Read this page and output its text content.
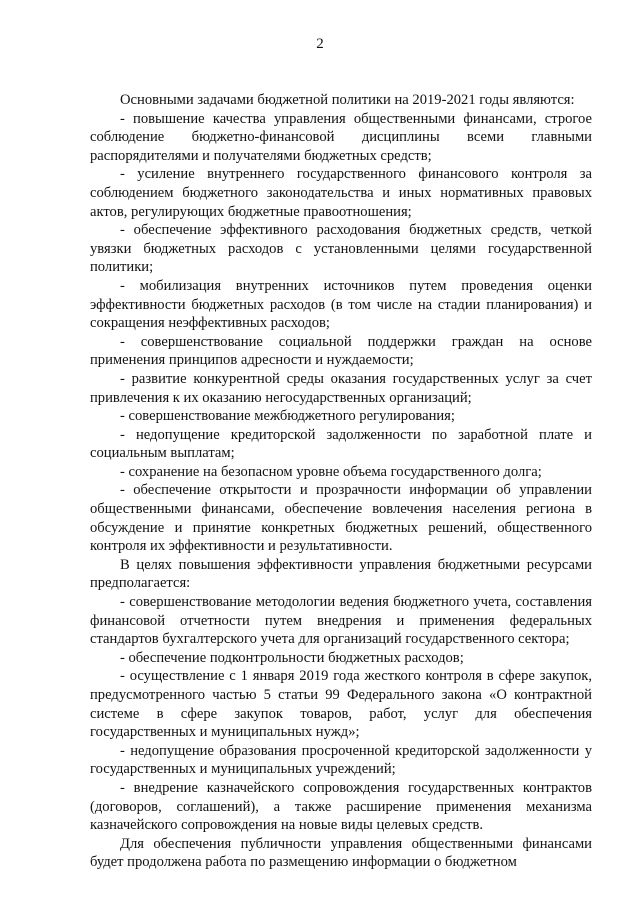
2

Основными задачами бюджетной политики на 2019-2021 годы являются:

- повышение качества управления общественными финансами, строгое соблюдение бюджетно-финансовой дисциплины всеми главными распорядителями и получателями бюджетных средств;

- усиление внутреннего государственного финансового контроля за соблюдением бюджетного законодательства и иных нормативных правовых актов, регулирующих бюджетные правоотношения;

- обеспечение эффективного расходования бюджетных средств, четкой увязки бюджетных расходов с установленными целями государственной политики;

- мобилизация внутренних источников путем проведения оценки эффективности бюджетных расходов (в том числе на стадии планирования) и сокращения неэффективных расходов;

- совершенствование социальной поддержки граждан на основе применения принципов адресности и нуждаемости;

- развитие конкурентной среды оказания государственных услуг за счет привлечения к их оказанию негосударственных организаций;

- совершенствование межбюджетного регулирования;

- недопущение кредиторской задолженности по заработной плате и социальным выплатам;

- сохранение на безопасном уровне объема государственного долга;

- обеспечение открытости и прозрачности информации об управлении общественными финансами, обеспечение вовлечения населения региона в обсуждение и принятие конкретных бюджетных решений, общественного контроля их эффективности и результативности.

В целях повышения эффективности управления бюджетными ресурсами предполагается:

- совершенствование методологии ведения бюджетного учета, составления финансовой отчетности путем внедрения и применения федеральных стандартов бухгалтерского учета для организаций государственного сектора;

- обеспечение подконтрольности бюджетных расходов;

- осуществление с 1 января 2019 года жесткого контроля в сфере закупок, предусмотренного частью 5 статьи 99 Федерального закона «О контрактной системе в сфере закупок товаров, работ, услуг для обеспечения государственных и муниципальных нужд»;

- недопущение образования просроченной кредиторской задолженности у государственных и муниципальных учреждений;

- внедрение казначейского сопровождения государственных контрактов (договоров, соглашений), а также расширение применения механизма казначейского сопровождения на новые виды целевых средств.

Для обеспечения публичности управления общественными финансами будет продолжена работа по размещению информации о бюджетном
